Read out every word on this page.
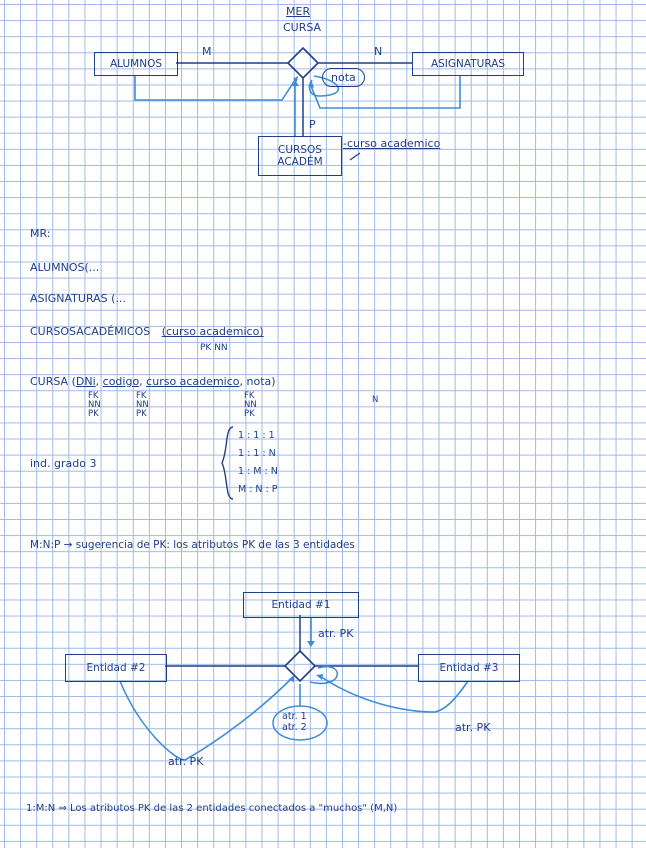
MER
CURSA
ALUMNOS	ASIGNATURAS
CURSOS ACADÉM
M	N
P
nota
-curso academico
MR:
ALUMNOS(...
ASIGNATURAS (...
CURSOSACADÉMICOS (curso academico)
PK NN
CURSA (DNi, codigo, curso academico, nota)
FK
NN
PK
FK
NN
PK
FK
NN
PK
N
ind. grado 3
1 : 1 : 1
1 : 1 : N
1 : M : N
M : N : P
M:N:P → sugerencia de PK: los atributos PK de las 3 entidades
Entidad #1
Entidad #2	Entidad #3
atr. PK
atr. PK
atr. PK
atr. 1
atr. 2
1:M:N ⇒ Los atributos PK de las 2 entidades conectados a "muchos" (M,N)
